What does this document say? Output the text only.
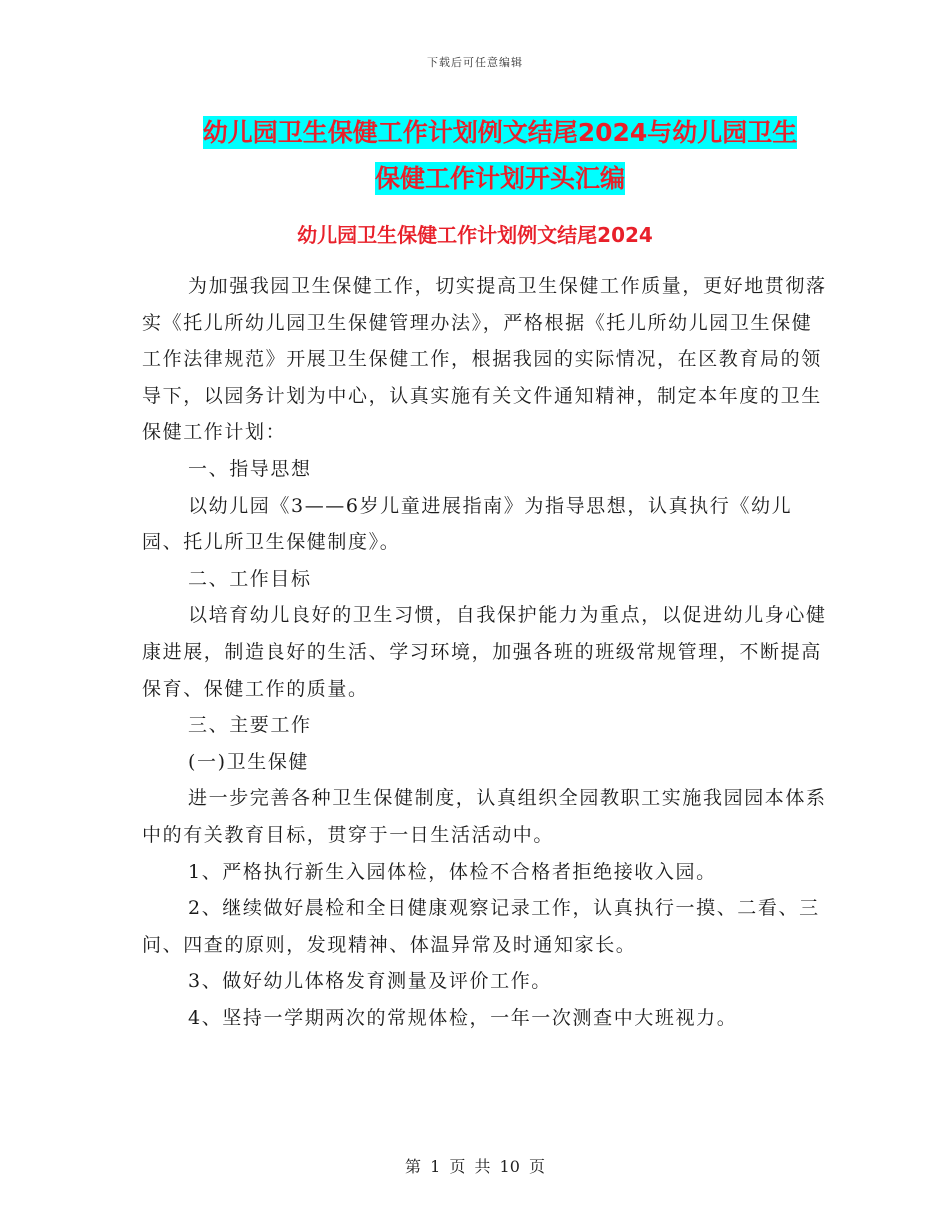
下载后可任意编辑
幼儿园卫生保健工作计划例文结尾2024与幼儿园卫生
保健工作计划开头汇编
幼儿园卫生保健工作计划例文结尾2024

为加强我园卫生保健工作，切实提高卫生保健工作质量，更好地贯彻落实《托儿所幼儿园卫生保健管理办法》，严格根据《托儿所幼儿园卫生保健工作法律规范》开展卫生保健工作，根据我园的实际情况，在区教育局的领导下，以园务计划为中心，认真实施有关文件通知精神，制定本年度的卫生保健工作计划：

一、指导思想

以幼儿园《3——6岁儿童进展指南》为指导思想，认真执行《幼儿园、托儿所卫生保健制度》。

二、工作目标

以培育幼儿良好的卫生习惯，自我保护能力为重点，以促进幼儿身心健康进展，制造良好的生活、学习环境，加强各班的班级常规管理，不断提高保育、保健工作的质量。

三、主要工作

(一)卫生保健

进一步完善各种卫生保健制度，认真组织全园教职工实施我园园本体系中的有关教育目标，贯穿于一日生活活动中。

1、严格执行新生入园体检，体检不合格者拒绝接收入园。

2、继续做好晨检和全日健康观察记录工作，认真执行一摸、二看、三问、四查的原则，发现精神、体温异常及时通知家长。

3、做好幼儿体格发育测量及评价工作。

4、坚持一学期两次的常规体检，一年一次测查中大班视力。

第 1 页 共 10 页
